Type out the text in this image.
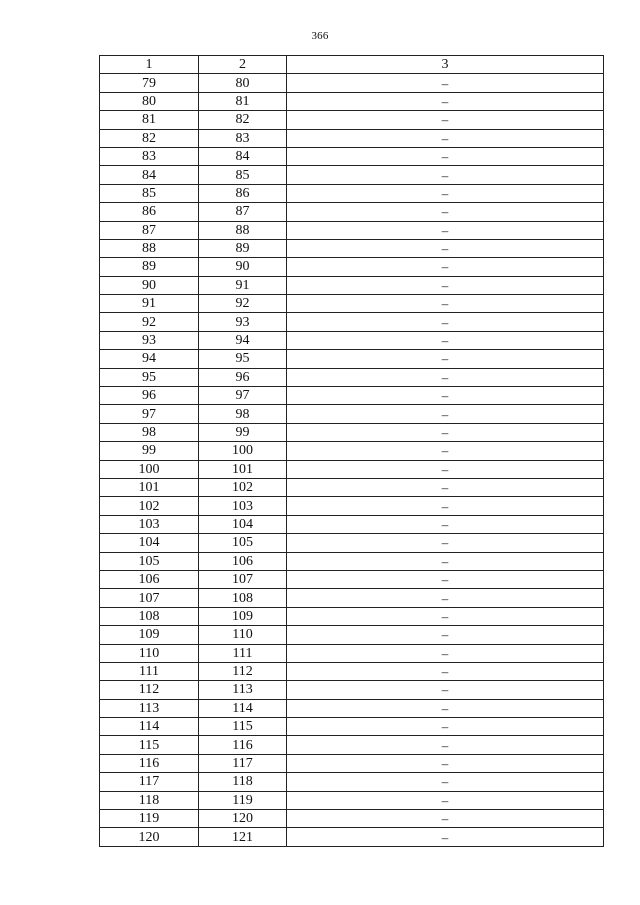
366
1	2	3
79	80	–
80	81	–
81	82	–
82	83	–
83	84	–
84	85	–
85	86	–
86	87	–
87	88	–
88	89	–
89	90	–
90	91	–
91	92	–
92	93	–
93	94	–
94	95	–
95	96	–
96	97	–
97	98	–
98	99	–
99	100	–
100	101	–
101	102	–
102	103	–
103	104	–
104	105	–
105	106	–
106	107	–
107	108	–
108	109	–
109	110	–
110	111	–
111	112	–
112	113	–
113	114	–
114	115	–
115	116	–
116	117	–
117	118	–
118	119	–
119	120	–
120	121	–
